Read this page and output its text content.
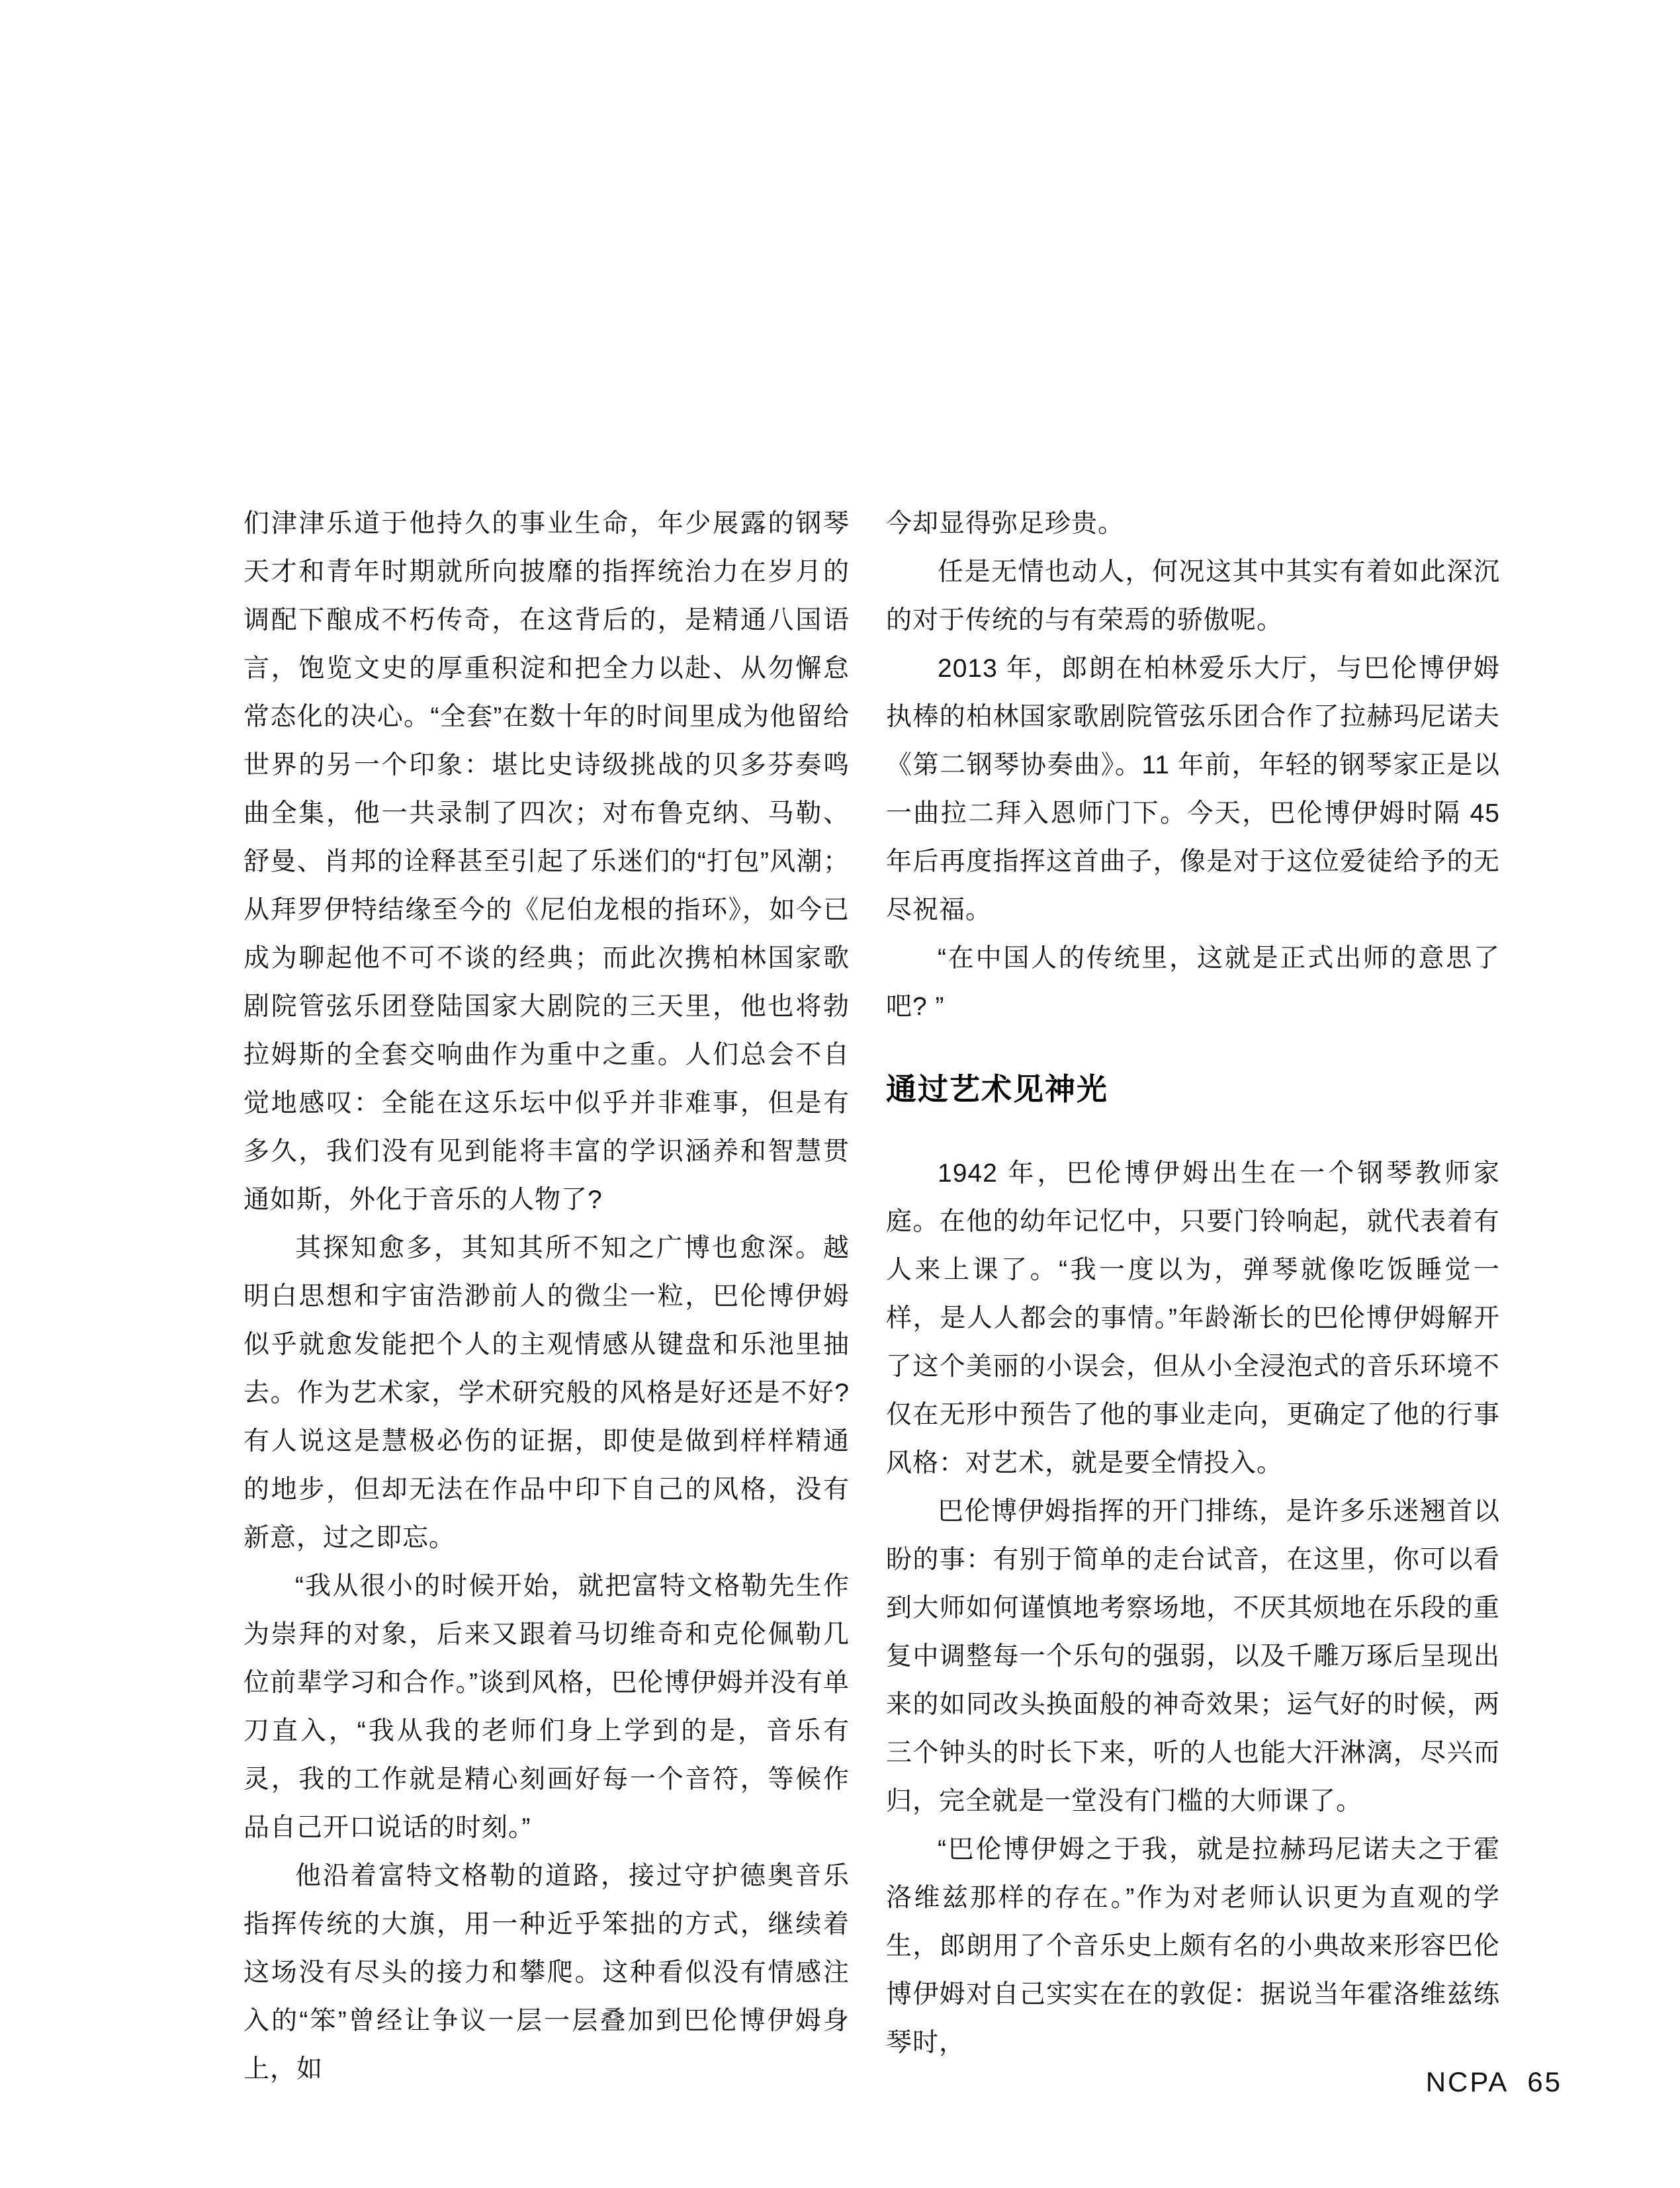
们津津乐道于他持久的事业生命，年少展露的钢琴天才和青年时期就所向披靡的指挥统治力在岁月的调配下酿成不朽传奇，在这背后的，是精通八国语言，饱览文史的厚重积淀和把全力以赴、从勿懈怠常态化的决心。“全套”在数十年的时间里成为他留给世界的另一个印象：堪比史诗级挑战的贝多芬奏鸣曲全集，他一共录制了四次；对布鲁克纳、马勒、舒曼、肖邦的诠释甚至引起了乐迷们的“打包”风潮；从拜罗伊特结缘至今的《尼伯龙根的指环》，如今已成为聊起他不可不谈的经典；而此次携柏林国家歌剧院管弦乐团登陆国家大剧院的三天里，他也将勃拉姆斯的全套交响曲作为重中之重。人们总会不自觉地感叹：全能在这乐坛中似乎并非难事，但是有多久，我们没有见到能将丰富的学识涵养和智慧贯通如斯，外化于音乐的人物了?

其探知愈多，其知其所不知之广博也愈深。越明白思想和宇宙浩渺前人的微尘一粒，巴伦博伊姆似乎就愈发能把个人的主观情感从键盘和乐池里抽去。作为艺术家，学术研究般的风格是好还是不好? 有人说这是慧极必伤的证据，即使是做到样样精通的地步，但却无法在作品中印下自己的风格，没有新意，过之即忘。

“我从很小的时候开始，就把富特文格勒先生作为崇拜的对象，后来又跟着马切维奇和克伦佩勒几位前辈学习和合作。”谈到风格，巴伦博伊姆并没有单刀直入，“我从我的老师们身上学到的是，音乐有灵，我的工作就是精心刻画好每一个音符，等候作品自己开口说话的时刻。”

他沿着富特文格勒的道路，接过守护德奥音乐指挥传统的大旗，用一种近乎笨拙的方式，继续着这场没有尽头的接力和攀爬。这种看似没有情感注入的“笨”曾经让争议一层一层叠加到巴伦博伊姆身上，如

今却显得弥足珍贵。

任是无情也动人，何况这其中其实有着如此深沉的对于传统的与有荣焉的骄傲呢。

2013 年，郎朗在柏林爱乐大厅，与巴伦博伊姆执棒的柏林国家歌剧院管弦乐团合作了拉赫玛尼诺夫《第二钢琴协奏曲》。11 年前，年轻的钢琴家正是以一曲拉二拜入恩师门下。今天，巴伦博伊姆时隔 45 年后再度指挥这首曲子，像是对于这位爱徒给予的无尽祝福。

“在中国人的传统里，这就是正式出师的意思了吧? ”

通过艺术见神光

1942 年，巴伦博伊姆出生在一个钢琴教师家庭。在他的幼年记忆中，只要门铃响起，就代表着有人来上课了。“我一度以为，弹琴就像吃饭睡觉一样，是人人都会的事情。”年龄渐长的巴伦博伊姆解开了这个美丽的小误会，但从小全浸泡式的音乐环境不仅在无形中预告了他的事业走向，更确定了他的行事风格：对艺术，就是要全情投入。

巴伦博伊姆指挥的开门排练，是许多乐迷翘首以盼的事：有别于简单的走台试音，在这里，你可以看到大师如何谨慎地考察场地，不厌其烦地在乐段的重复中调整每一个乐句的强弱，以及千雕万琢后呈现出来的如同改头换面般的神奇效果；运气好的时候，两三个钟头的时长下来，听的人也能大汗淋漓，尽兴而归，完全就是一堂没有门槛的大师课了。

“巴伦博伊姆之于我，就是拉赫玛尼诺夫之于霍洛维兹那样的存在。”作为对老师认识更为直观的学生，郎朗用了个音乐史上颇有名的小典故来形容巴伦博伊姆对自己实实在在的敦促：据说当年霍洛维兹练琴时，

NCPA 65
